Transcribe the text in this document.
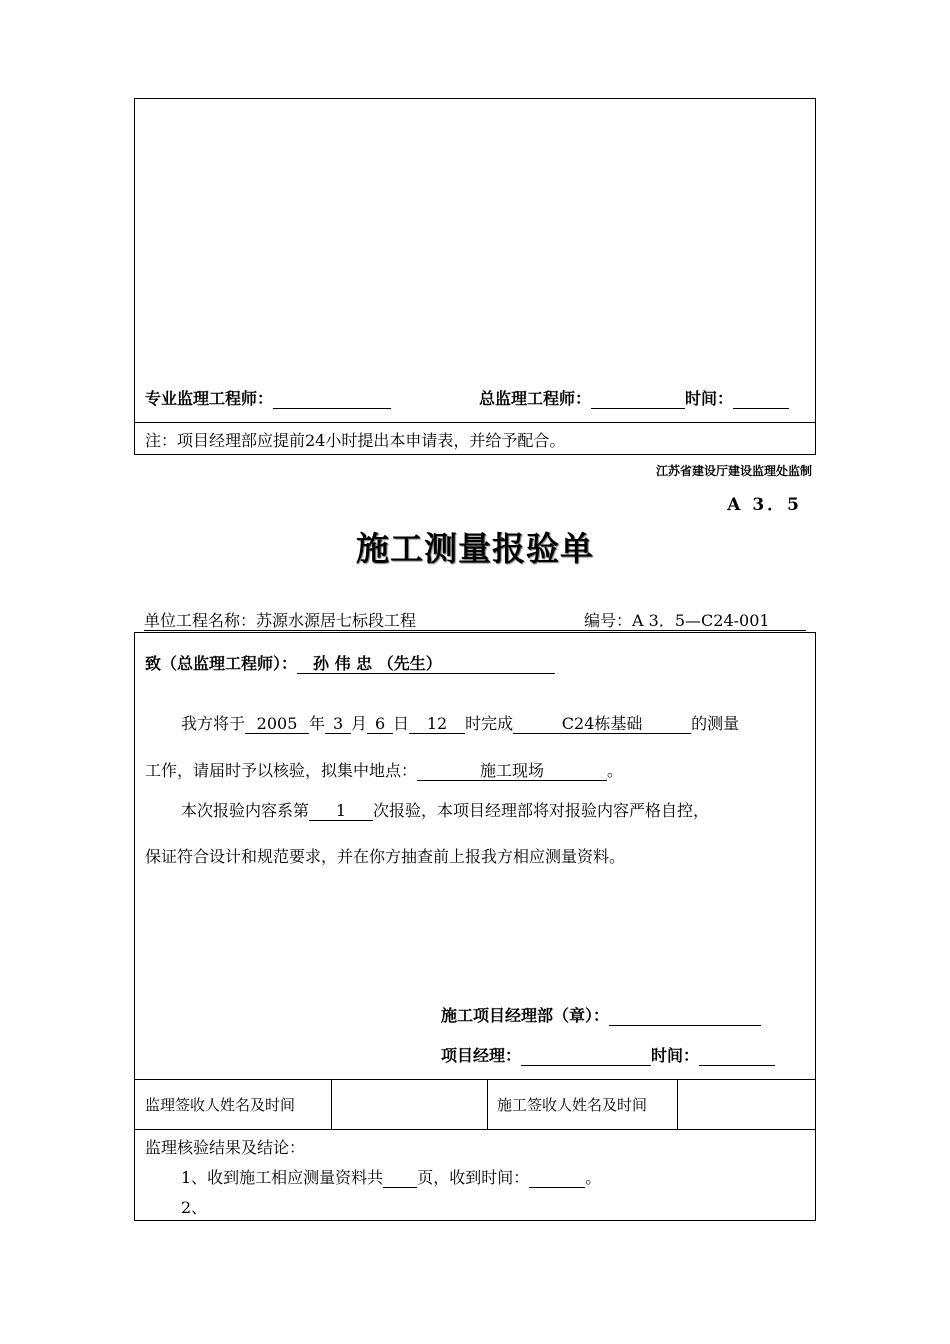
专业监理工程师：	总监理工程师：	时间：
注：项目经理部应提前24小时提出本申请表，并给予配合。
江苏省建设厅建设监理处监制
A 3．5
施工测量报验单
单位工程名称：苏源水源居七标段工程	编号：A 3．5—C24-001
致（总监理工程师）： 孙 伟 忠 （先生）
我方将于 2005 年 3 月 6 日 12 时完成	C24栋基础	的测量
工作，请届时予以核验，拟集中地点：	施工现场	。
本次报验内容系第 1 次报验，本项目经理部将对报验内容严格自控，
保证符合设计和规范要求，并在你方抽查前上报我方相应测量资料。
施工项目经理部（章）：
项目经理：	时间：
监理签收人姓名及时间	施工签收人姓名及时间
监理核验结果及结论：
1、收到施工相应测量资料共 页，收到时间：	。
2、
